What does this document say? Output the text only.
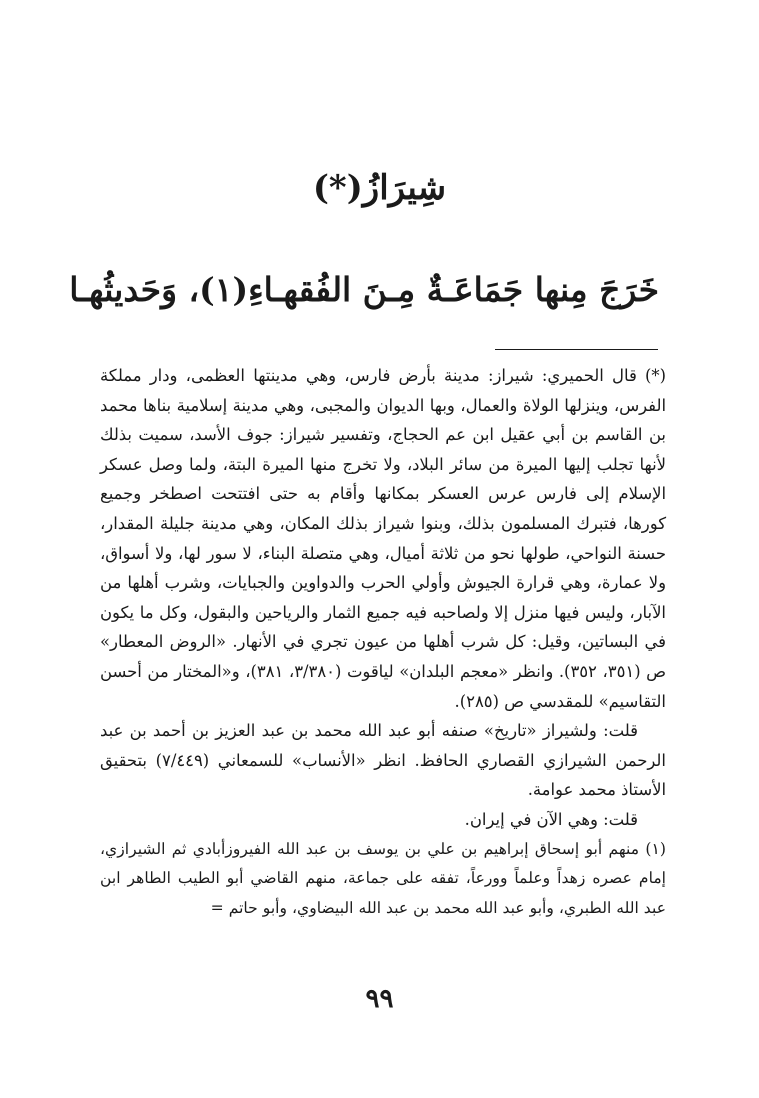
شِيرَازُ(*)
خَرَجَ مِنها جَمَاعَـةٌ مِـنَ الفُقهـاءِ(١)، وَحَديثُهـا

(*) قال الحميري: شيراز: مدينة بأرض فارس، وهي مدينتها العظمى، ودار مملكة الفرس، وينزلها الولاة والعمال، وبها الديوان والمجبى، وهي مدينة إسلامية بناها محمد بن القاسم بن أبي عقيل ابن عم الحجاج، وتفسير شيراز: جوف الأسد، سميت بذلك لأنها تجلب إليها الميرة من سائر البلاد، ولا تخرج منها الميرة البتة، ولما وصل عسكر الإسلام إلى فارس عرس العسكر بمكانها وأقام به حتى افتتحت اصطخر وجميع كورها، فتبرك المسلمون بذلك، وبنوا شيراز بذلك المكان، وهي مدينة جليلة المقدار، حسنة النواحي، طولها نحو من ثلاثة أميال، وهي متصلة البناء، لا سور لها، ولا أسواق، ولا عمارة، وهي قرارة الجيوش وأولي الحرب والدواوين والجبايات، وشرب أهلها من الآبار، وليس فيها منزل إلا ولصاحبه فيه جميع الثمار والرياحين والبقول، وكل ما يكون في البساتين، وقيل: كل شرب أهلها من عيون تجري في الأنهار. «الروض المعطار» ص (٣٥١، ٣٥٢). وانظر «معجم البلدان» لياقوت (٣/٣٨٠، ٣٨١)، و«المختار من أحسن التقاسيم» للمقدسي ص (٢٨٥).

قلت: ولشيراز «تاريخ» صنفه أبو عبد الله محمد بن عبد العزيز بن أحمد بن عبد الرحمن الشيرازي القصاري الحافظ. انظر «الأنساب» للسمعاني (٧/٤٤٩) بتحقيق الأستاذ محمد عوامة.

قلت: وهي الآن في إيران.

(١) منهم أبو إسحاق إبراهيم بن علي بن يوسف بن عبد الله الفيروزأبادي ثم الشيرازي، إمام عصره زهداً وعلماً وورعاً، تفقه على جماعة، منهم القاضي أبو الطيب الطاهر ابن عبد الله الطبري، وأبو عبد الله محمد بن عبد الله البيضاوي، وأبو حاتم =

٩٩
